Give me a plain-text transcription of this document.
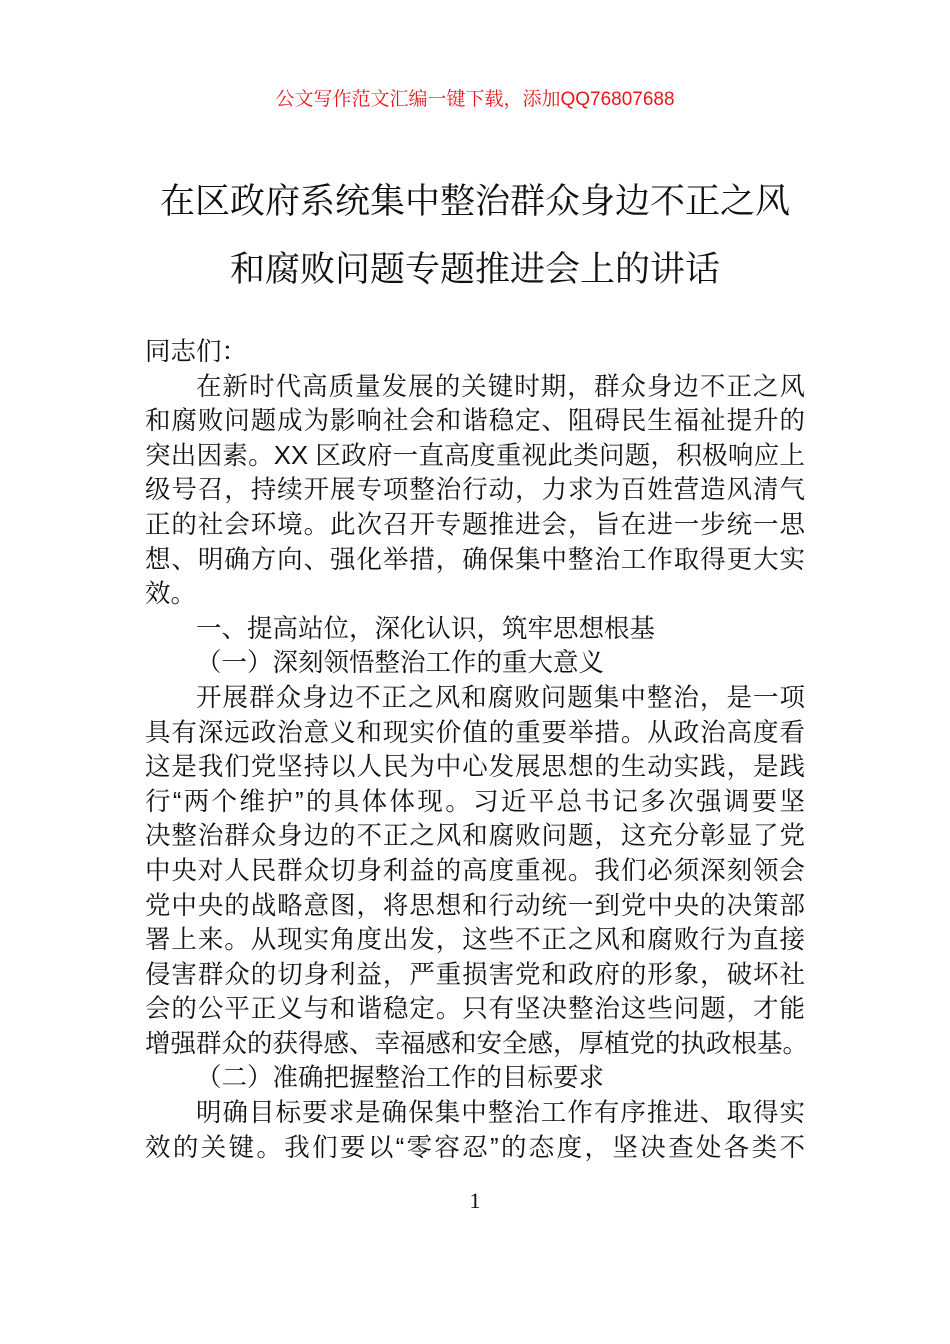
公文写作范文汇编一键下载，添加QQ76807688
在区政府系统集中整治群众身边不正之风
和腐败问题专题推进会上的讲话
同志们：
在新时代高质量发展的关键时期，群众身边不正之风
和腐败问题成为影响社会和谐稳定、阻碍民生福祉提升的
突出因素。XX 区政府一直高度重视此类问题，积极响应上
级号召，持续开展专项整治行动，力求为百姓营造风清气
正的社会环境。此次召开专题推进会，旨在进一步统一思
想、明确方向、强化举措，确保集中整治工作取得更大实
效。
一、提高站位，深化认识，筑牢思想根基
（一）深刻领悟整治工作的重大意义
开展群众身边不正之风和腐败问题集中整治，是一项
具有深远政治意义和现实价值的重要举措。从政治高度看
这是我们党坚持以人民为中心发展思想的生动实践，是践
行“两个维护”的具体体现。习近平总书记多次强调要坚
决整治群众身边的不正之风和腐败问题，这充分彰显了党
中央对人民群众切身利益的高度重视。我们必须深刻领会
党中央的战略意图，将思想和行动统一到党中央的决策部
署上来。从现实角度出发，这些不正之风和腐败行为直接
侵害群众的切身利益，严重损害党和政府的形象，破坏社
会的公平正义与和谐稳定。只有坚决整治这些问题，才能
增强群众的获得感、幸福感和安全感，厚植党的执政根基。
（二）准确把握整治工作的目标要求
明确目标要求是确保集中整治工作有序推进、取得实
效的关键。我们要以“零容忍”的态度，坚决查处各类不
1
